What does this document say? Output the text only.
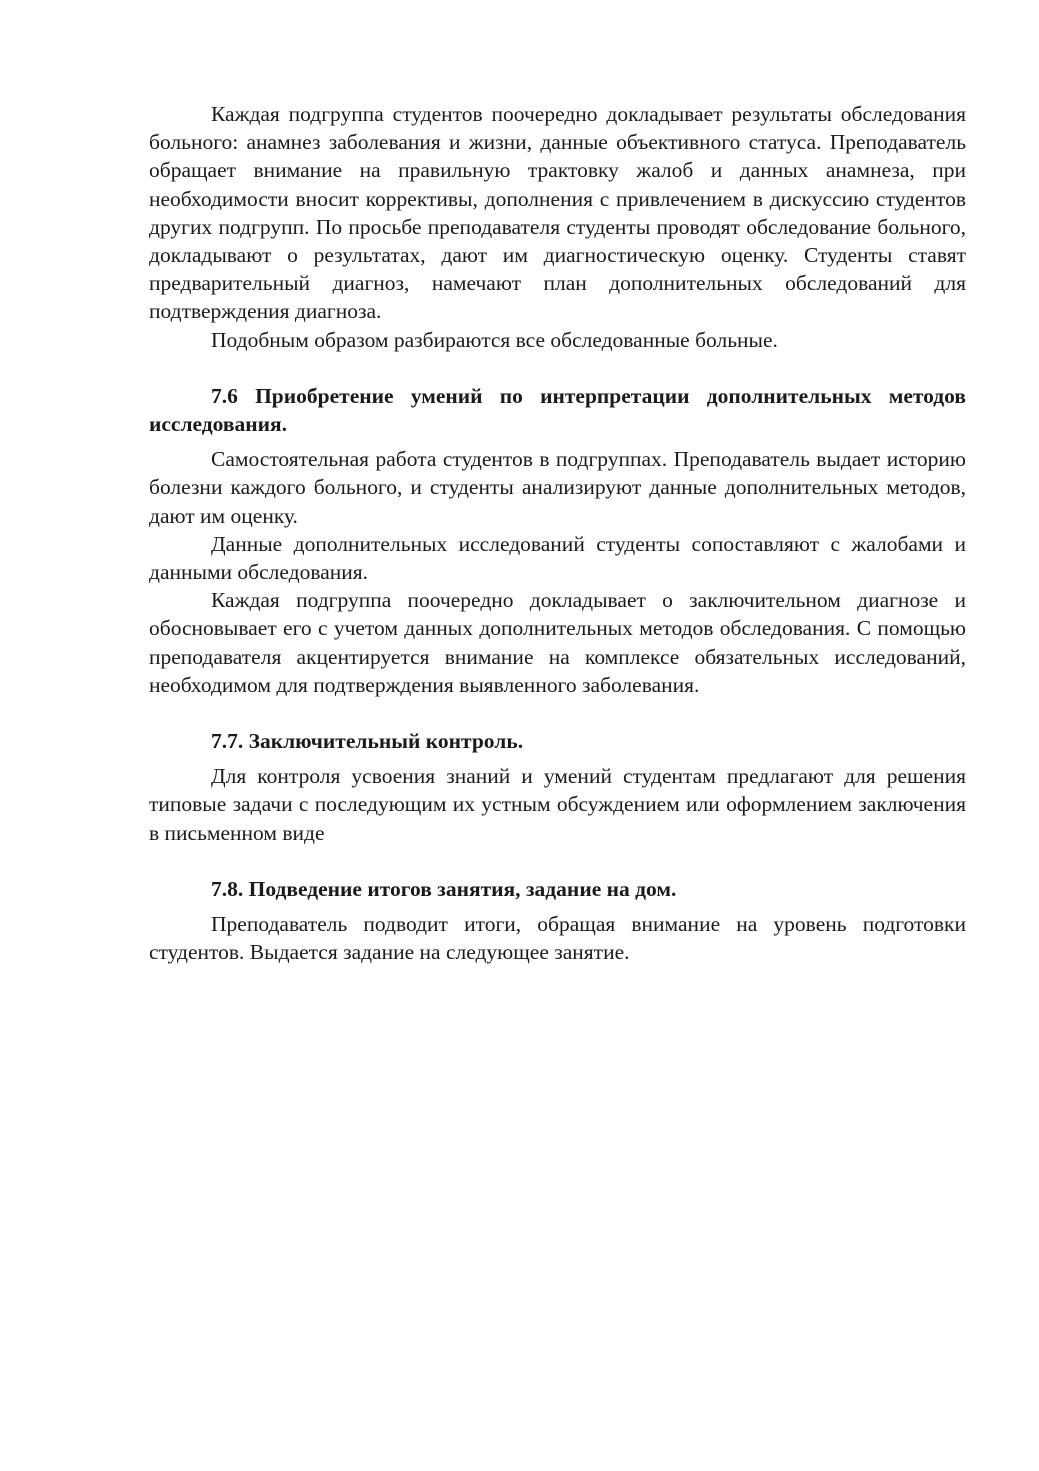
Каждая подгруппа студентов поочередно докладывает результаты обследования больного: анамнез заболевания и жизни, данные объективного статуса. Преподаватель обращает внимание на правильную трактовку жалоб и данных анамнеза, при необходимости вносит коррективы, дополнения с привлечением в дискуссию студентов других подгрупп. По просьбе преподавателя студенты проводят обследование больного, докладывают о результатах, дают им диагностическую оценку. Студенты ставят предварительный диагноз, намечают план дополнительных обследований для подтверждения диагноза.

Подобным образом разбираются все обследованные больные.

7.6 Приобретение умений по интерпретации дополнительных методов исследования.

Самостоятельная работа студентов в подгруппах. Преподаватель выдает историю болезни каждого больного, и студенты анализируют данные дополнительных методов, дают им оценку.

Данные дополнительных исследований студенты сопоставляют с жалобами и данными обследования.

Каждая подгруппа поочередно докладывает о заключительном диагнозе и обосновывает его с учетом данных дополнительных методов обследования. С помощью преподавателя акцентируется внимание на комплексе обязательных исследований, необходимом для подтверждения выявленного заболевания.

7.7. Заключительный контроль.

Для контроля усвоения знаний и умений студентам предлагают для решения типовые задачи с последующим их устным обсуждением или оформлением заключения в письменном виде

7.8. Подведение итогов занятия, задание на дом.

Преподаватель подводит итоги, обращая внимание на уровень подготовки студентов. Выдается задание на следующее занятие.
